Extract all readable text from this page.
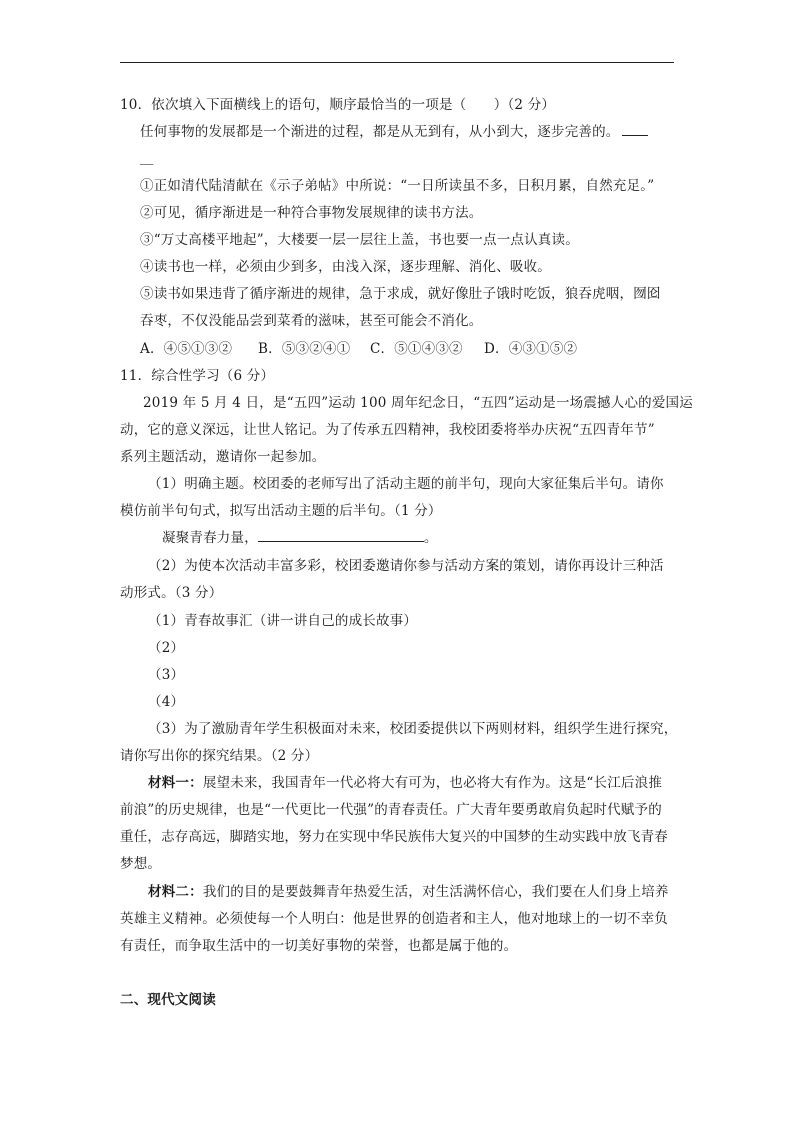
10．依次填入下面横线上的语句，顺序最恰当的一项是（　　）（2 分）
任何事物的发展都是一个渐进的过程，都是从无到有，从小到大，逐步完善的。
＿
①正如清代陆清献在《示子弟帖》中所说：“一日所读虽不多，日积月累，自然充足。”
②可见，循序渐进是一种符合事物发展规律的读书方法。
③“万丈高楼平地起”，大楼要一层一层往上盖，书也要一点一点认真读。
④读书也一样，必须由少到多，由浅入深，逐步理解、消化、吸收。
⑤读书如果违背了循序渐进的规律，急于求成，就好像肚子饿时吃饭，狼吞虎咽，囫囵
吞枣，不仅没能品尝到菜肴的滋味，甚至可能会不消化。
A．④⑤①③② B．⑤③②④① C．⑤①④③② D．④③①⑤②
11．综合性学习（6 分）
2019 年 5 月 4 日，是“五四”运动 100 周年纪念日，“五四”运动是一场震撼人心的爱国运
动，它的意义深远，让世人铭记。为了传承五四精神，我校团委将举办庆祝“五四青年节”
系列主题活动，邀请你一起参加。
（1）明确主题。校团委的老师写出了活动主题的前半句，现向大家征集后半句。请你
模仿前半句句式，拟写出活动主题的后半句。（1 分）
凝聚青春力量，	。
（2）为使本次活动丰富多彩，校团委邀请你参与活动方案的策划，请你再设计三种活
动形式。（3 分）
（1）青春故事汇（讲一讲自己的成长故事）
（2）
（3）
（4）
（3）为了激励青年学生积极面对未来，校团委提供以下两则材料，组织学生进行探究，
请你写出你的探究结果。（2 分）
材料一：展望未来，我国青年一代必将大有可为，也必将大有作为。这是“长江后浪推
前浪”的历史规律，也是“一代更比一代强”的青春责任。广大青年要勇敢肩负起时代赋予的
重任，志存高远，脚踏实地，努力在实现中华民族伟大复兴的中国梦的生动实践中放飞青春
梦想。
材料二：我们的目的是要鼓舞青年热爱生活，对生活满怀信心，我们要在人们身上培养
英雄主义精神。必须使每一个人明白：他是世界的创造者和主人，他对地球上的一切不幸负
有责任，而争取生活中的一切美好事物的荣誉，也都是属于他的。
二、现代文阅读
